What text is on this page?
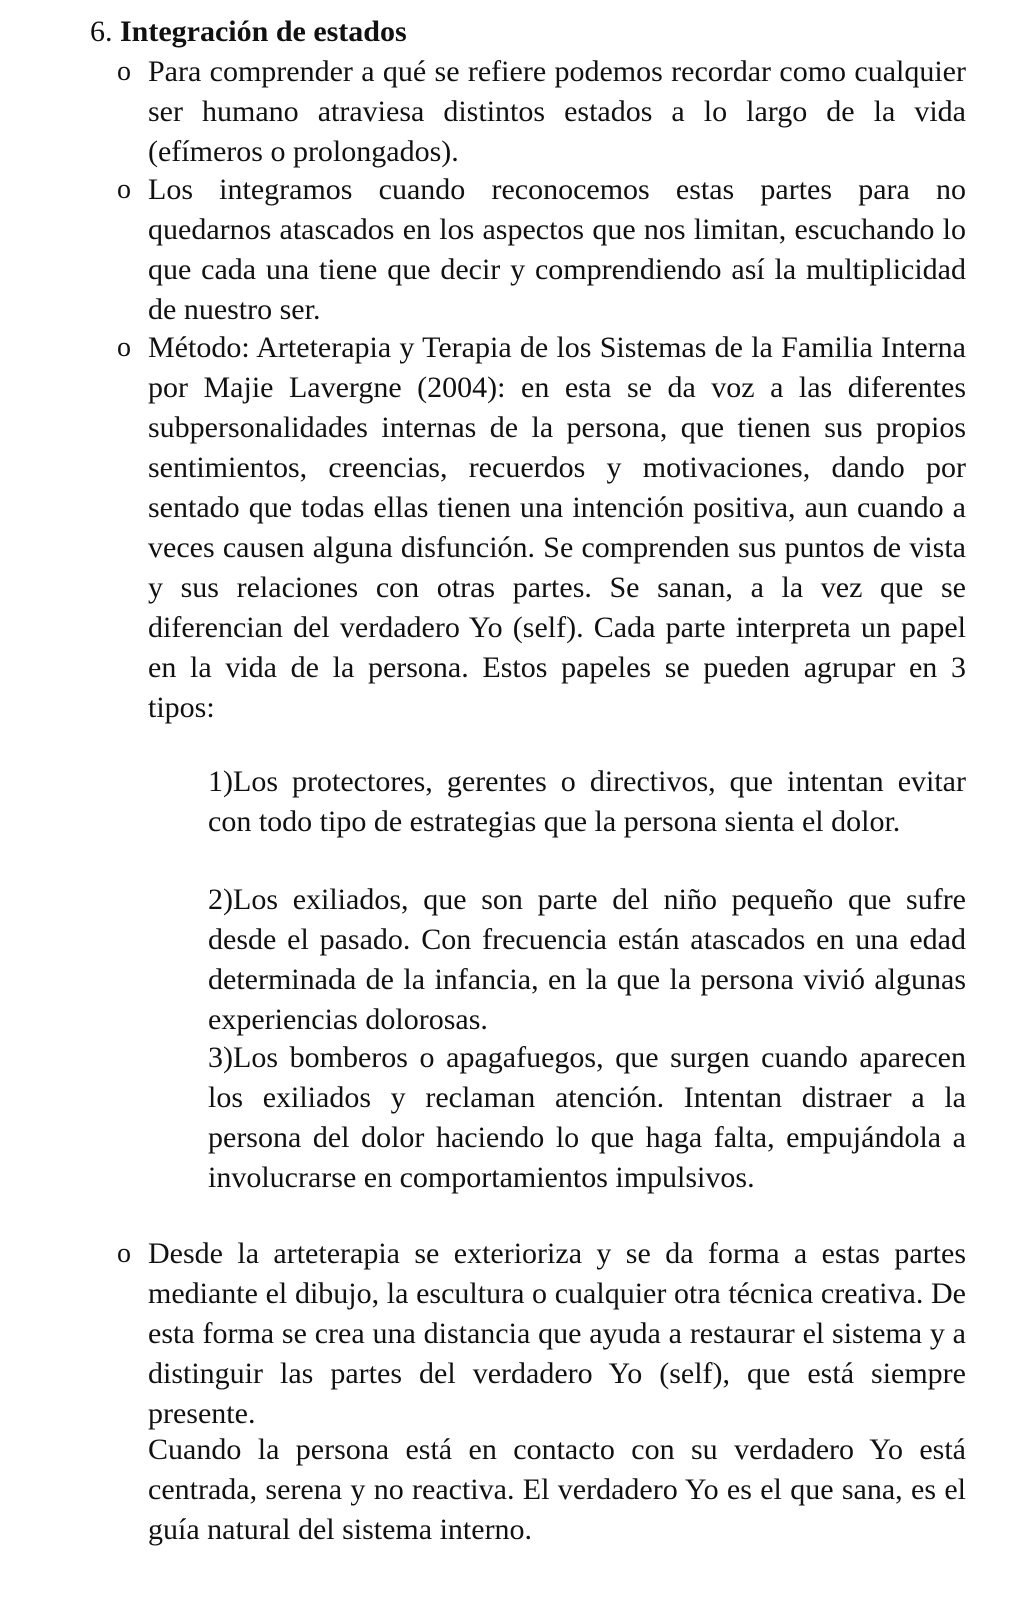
6. Integración de estados
o Para comprender a qué se refiere podemos recordar como cualquier ser humano atraviesa distintos estados a lo largo de la vida (efímeros o prolongados).
o Los integramos cuando reconocemos estas partes para no quedarnos atascados en los aspectos que nos limitan, escuchando lo que cada una tiene que decir y comprendiendo así la multiplicidad de nuestro ser.
o Método: Arteterapia y Terapia de los Sistemas de la Familia Interna por Majie Lavergne (2004): en esta se da voz a las diferentes subpersonalidades internas de la persona, que tienen sus propios sentimientos, creencias, recuerdos y motivaciones, dando por sentado que todas ellas tienen una intención positiva, aun cuando a veces causen alguna disfunción. Se comprenden sus puntos de vista y sus relaciones con otras partes. Se sanan, a la vez que se diferencian del verdadero Yo (self). Cada parte interpreta un papel en la vida de la persona. Estos papeles se pueden agrupar en 3 tipos:
1)Los protectores, gerentes o directivos, que intentan evitar con todo tipo de estrategias que la persona sienta el dolor.
2)Los exiliados, que son parte del niño pequeño que sufre desde el pasado. Con frecuencia están atascados en una edad determinada de la infancia, en la que la persona vivió algunas experiencias dolorosas.
3)Los bomberos o apagafuegos, que surgen cuando aparecen los exiliados y reclaman atención. Intentan distraer a la persona del dolor haciendo lo que haga falta, empujándola a involucrarse en comportamientos impulsivos.
o Desde la arteterapia se exterioriza y se da forma a estas partes mediante el dibujo, la escultura o cualquier otra técnica creativa. De esta forma se crea una distancia que ayuda a restaurar el sistema y a distinguir las partes del verdadero Yo (self), que está siempre presente.
Cuando la persona está en contacto con su verdadero Yo está centrada, serena y no reactiva. El verdadero Yo es el que sana, es el guía natural del sistema interno.
